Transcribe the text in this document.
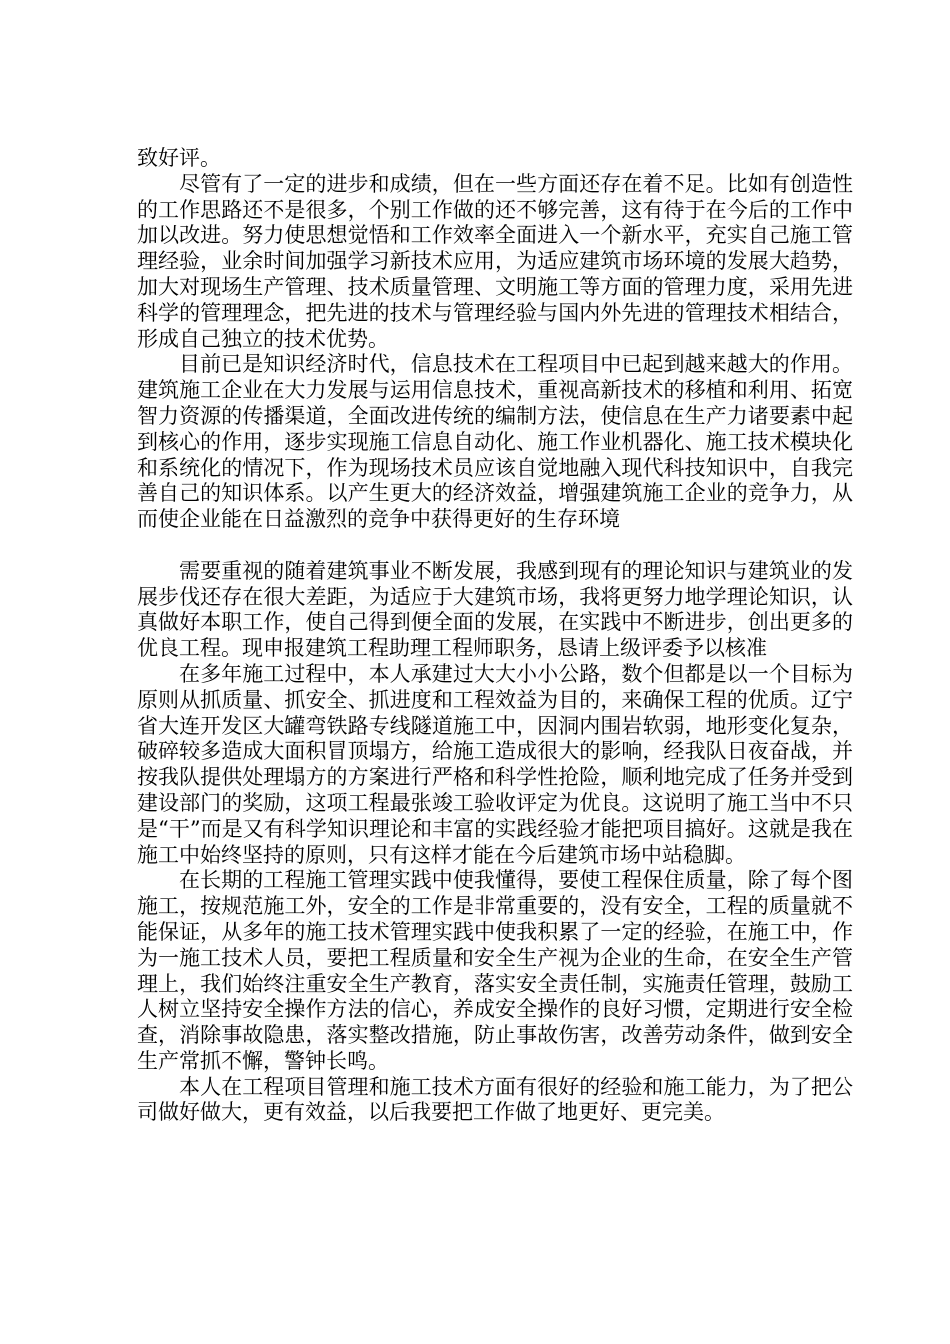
致好评。

尽管有了一定的进步和成绩，但在一些方面还存在着不足。比如有创造性的工作思路还不是很多，个别工作做的还不够完善，这有待于在今后的工作中加以改进。努力使思想觉悟和工作效率全面进入一个新水平，充实自己施工管理经验，业余时间加强学习新技术应用，为适应建筑市场环境的发展大趋势，加大对现场生产管理、技术质量管理、文明施工等方面的管理力度，采用先进科学的管理理念，把先进的技术与管理经验与国内外先进的管理技术相结合，形成自己独立的技术优势。

目前已是知识经济时代，信息技术在工程项目中已起到越来越大的作用。建筑施工企业在大力发展与运用信息技术，重视高新技术的移植和利用、拓宽智力资源的传播渠道，全面改进传统的编制方法，使信息在生产力诸要素中起到核心的作用，逐步实现施工信息自动化、施工作业机器化、施工技术模块化和系统化的情况下，作为现场技术员应该自觉地融入现代科技知识中，自我完善自己的知识体系。以产生更大的经济效益，增强建筑施工企业的竞争力，从而使企业能在日益激烈的竞争中获得更好的生存环境

需要重视的随着建筑事业不断发展，我感到现有的理论知识与建筑业的发展步伐还存在很大差距，为适应于大建筑市场，我将更努力地学理论知识，认真做好本职工作，使自己得到便全面的发展，在实践中不断进步，创出更多的优良工程。现申报建筑工程助理工程师职务，恳请上级评委予以核准

在多年施工过程中，本人承建过大大小小公路，数个但都是以一个目标为原则从抓质量、抓安全、抓进度和工程效益为目的，来确保工程的优质。辽宁省大连开发区大罐弯铁路专线隧道施工中，因洞内围岩软弱，地形变化复杂，破碎较多造成大面积冒顶塌方，给施工造成很大的影响，经我队日夜奋战，并按我队提供处理塌方的方案进行严格和科学性抢险，顺利地完成了任务并受到建设部门的奖励，这项工程最张竣工验收评定为优良。这说明了施工当中不只是“干”而是又有科学知识理论和丰富的实践经验才能把项目搞好。这就是我在施工中始终坚持的原则，只有这样才能在今后建筑市场中站稳脚。

在长期的工程施工管理实践中使我懂得，要使工程保住质量，除了每个图施工，按规范施工外，安全的工作是非常重要的，没有安全，工程的质量就不能保证，从多年的施工技术管理实践中使我积累了一定的经验，在施工中，作为一施工技术人员，要把工程质量和安全生产视为企业的生命，在安全生产管理上，我们始终注重安全生产教育，落实安全责任制，实施责任管理，鼓励工人树立坚持安全操作方法的信心，养成安全操作的良好习惯，定期进行安全检查，消除事故隐患，落实整改措施，防止事故伤害，改善劳动条件，做到安全生产常抓不懈，警钟长鸣。

本人在工程项目管理和施工技术方面有很好的经验和施工能力，为了把公司做好做大，更有效益，以后我要把工作做了地更好、更完美。
